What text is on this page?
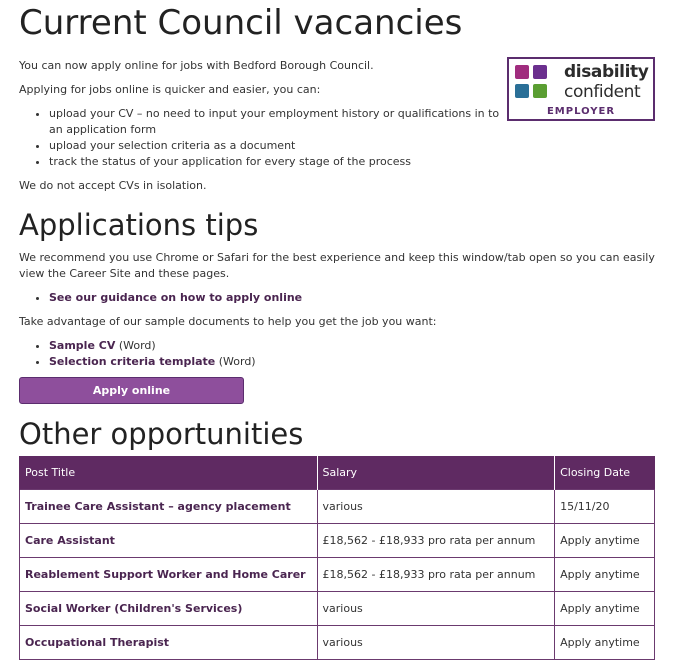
Current Council vacancies

You can now apply online for jobs with Bedford Borough Council.

Applying for jobs online is quicker and easier, you can:

• upload your CV – no need to input your employment history or qualifications in to an application form
• upload your selection criteria as a document
• track the status of your application for every stage of the process

We do not accept CVs in isolation.

Applications tips

We recommend you use Chrome or Safari for the best experience and keep this window/tab open so you can easily view the Career Site and these pages.

• See our guidance on how to apply online

Take advantage of our sample documents to help you get the job you want:

• Sample CV (Word)
• Selection criteria template (Word)
Apply online
Other opportunities
Post Title	Salary	Closing Date
Trainee Care Assistant – agency placement	various	15/11/20
Care Assistant	£18,562 - £18,933 pro rata per annum	Apply anytime
Reablement Support Worker and Home Carer	£18,562 - £18,933 pro rata per annum	Apply anytime
Social Worker (Children's Services)	various	Apply anytime
Occupational Therapist	various	Apply anytime
disability
confident
EMPLOYER
